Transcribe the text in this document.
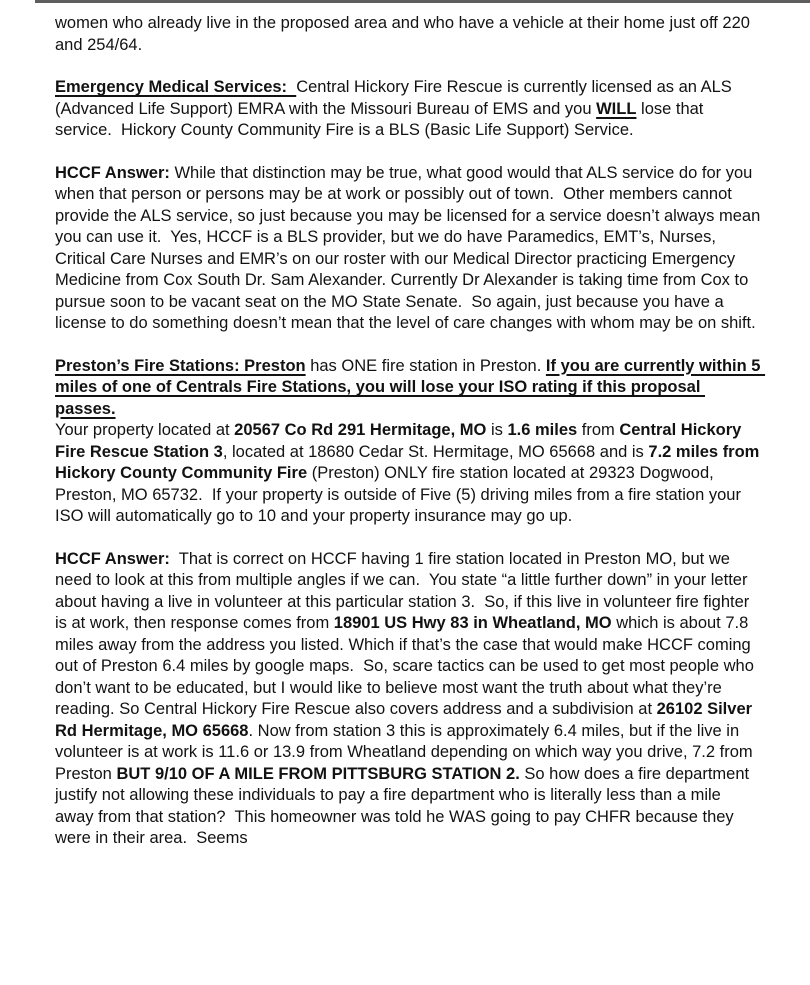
women who already live in the proposed area and who have a vehicle at their home just off 220 and 254/64.

Emergency Medical Services:  Central Hickory Fire Rescue is currently licensed as an ALS (Advanced Life Support) EMRA with the Missouri Bureau of EMS and you WILL lose that service.  Hickory County Community Fire is a BLS (Basic Life Support) Service.

HCCF Answer: While that distinction may be true, what good would that ALS service do for you when that person or persons may be at work or possibly out of town.  Other members cannot provide the ALS service, so just because you may be licensed for a service doesn’t always mean you can use it.  Yes, HCCF is a BLS provider, but we do have Paramedics, EMT’s, Nurses, Critical Care Nurses and EMR’s on our roster with our Medical Director practicing Emergency Medicine from Cox South Dr. Sam Alexander. Currently Dr Alexander is taking time from Cox to pursue soon to be vacant seat on the MO State Senate.  So again, just because you have a license to do something doesn’t mean that the level of care changes with whom may be on shift.

Preston’s Fire Stations: Preston has ONE fire station in Preston. If you are currently within 5 miles of one of Centrals Fire Stations, you will lose your ISO rating if this proposal passes.

Your property located at 20567 Co Rd 291 Hermitage, MO is 1.6 miles from Central Hickory Fire Rescue Station 3, located at 18680 Cedar St. Hermitage, MO 65668 and is 7.2 miles from Hickory County Community Fire (Preston) ONLY fire station located at 29323 Dogwood, Preston, MO 65732.  If your property is outside of Five (5) driving miles from a fire station your ISO will automatically go to 10 and your property insurance may go up.

HCCF Answer:  That is correct on HCCF having 1 fire station located in Preston MO, but we need to look at this from multiple angles if we can.  You state “a little further down” in your letter about having a live in volunteer at this particular station 3.  So, if this live in volunteer fire fighter is at work, then response comes from 18901 US Hwy 83 in Wheatland, MO which is about 7.8 miles away from the address you listed. Which if that’s the case that would make HCCF coming out of Preston 6.4 miles by google maps.  So, scare tactics can be used to get most people who don’t want to be educated, but I would like to believe most want the truth about what they’re reading. So Central Hickory Fire Rescue also covers address and a subdivision at 26102 Silver Rd Hermitage, MO 65668. Now from station 3 this is approximately 6.4 miles, but if the live in volunteer is at work is 11.6 or 13.9 from Wheatland depending on which way you drive, 7.2 from Preston BUT 9/10 OF A MILE FROM PITTSBURG STATION 2. So how does a fire department justify not allowing these individuals to pay a fire department who is literally less than a mile away from that station?  This homeowner was told he WAS going to pay CHFR because they were in their area.  Seems
